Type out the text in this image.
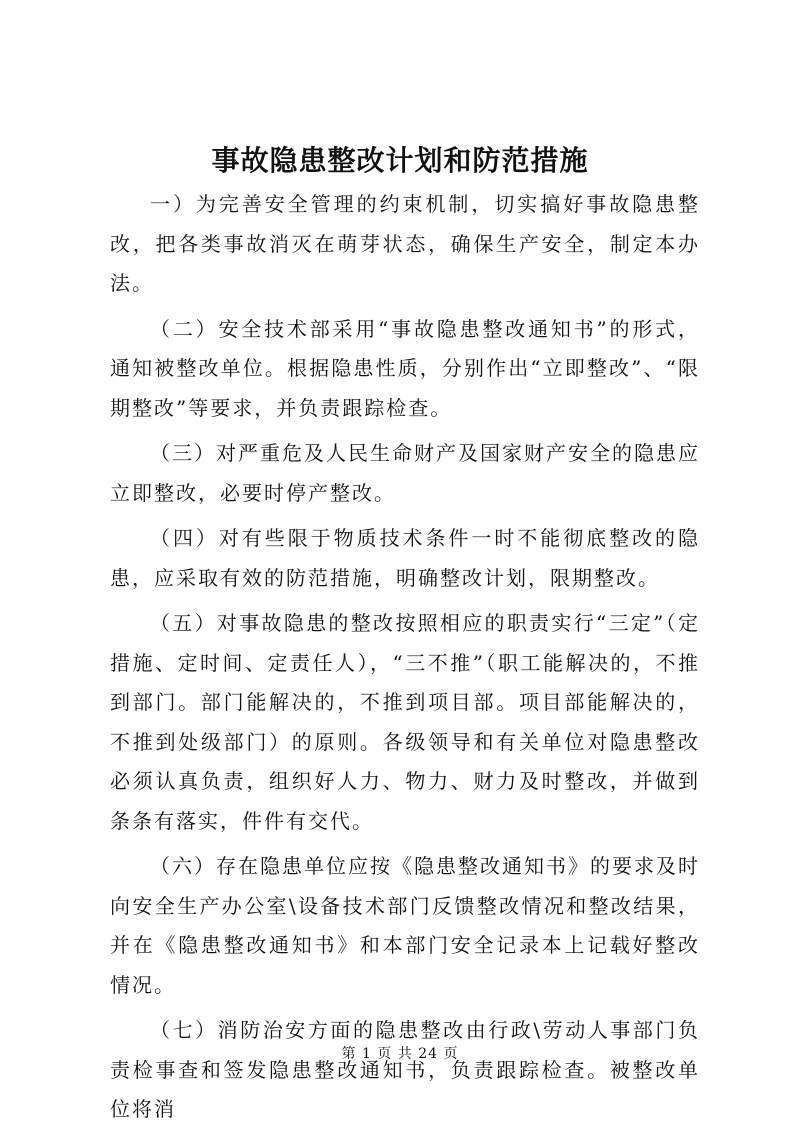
事故隐患整改计划和防范措施

一）为完善安全管理的约束机制，切实搞好事故隐患整改，把各类事故消灭在萌芽状态，确保生产安全，制定本办法。

（二）安全技术部采用“事故隐患整改通知书”的形式，通知被整改单位。根据隐患性质，分别作出“立即整改”、“限期整改”等要求，并负责跟踪检查。

（三）对严重危及人民生命财产及国家财产安全的隐患应立即整改，必要时停产整改。

（四）对有些限于物质技术条件一时不能彻底整改的隐患，应采取有效的防范措施，明确整改计划，限期整改。

（五）对事故隐患的整改按照相应的职责实行“三定”（定措施、定时间、定责任人），“三不推”（职工能解决的，不推到部门。部门能解决的，不推到项目部。项目部能解决的，不推到处级部门）的原则。各级领导和有关单位对隐患整改必须认真负责，组织好人力、物力、财力及时整改，并做到条条有落实，件件有交代。

（六）存在隐患单位应按《隐患整改通知书》的要求及时向安全生产办公室\设备技术部门反馈整改情况和整改结果，并在《隐患整改通知书》和本部门安全记录本上记载好整改情况。

（七）消防治安方面的隐患整改由行政\劳动人事部门负责检事查和签发隐患整改通知书，负责跟踪检查。被整改单位将消

第 1 页 共 24 页
